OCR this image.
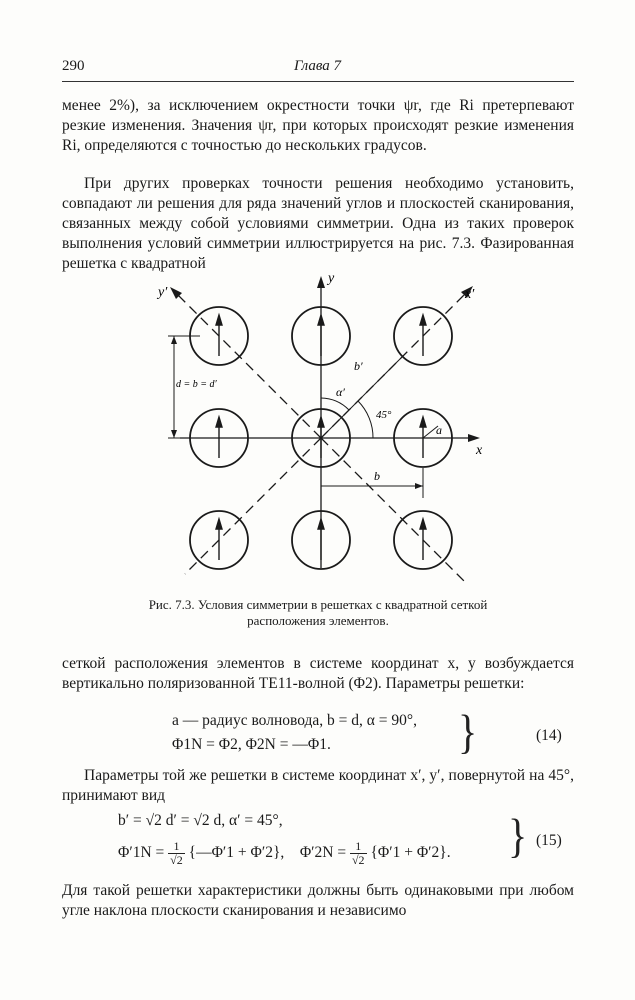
290	Глава 7

менее 2%), за исключением окрестности точки ψr, где Ri претерпевают резкие изменения. Значения ψr, при которых происходят резкие изменения Ri, определяются с точностью до нескольких градусов.

При других проверках точности решения необходимо установить, совпадают ли решения для ряда значений углов и плоскостей сканирования, связанных между собой условиями симметрии. Одна из таких проверок выполнения условий симметрии иллюстрируется на рис. 7.3. Фазированная решетка с квадратной

d = b = d′
b
b′
α′
45°
a
y
y′
x
x′
Рис. 7.3. Условия симметрии в решетках с квадратной сеткой
расположения элементов.

сеткой расположения элементов в системе координат x, y возбуждается вертикально поляризованной TE11-волной (Φ2). Параметры решетки:

a — радиус волновода, b = d, α = 90°,
Φ1N = Φ2, Φ2N = —Φ1.	}	(14)

Параметры той же решетки в системе координат x′, y′, повернутой на 45°, принимают вид

b′ = √2 d′ = √2 d, α′ = 45°,
$\Phi'1N = \frac{1}{√2}$ {—Φ′1 + Φ′2}, $\Phi'2N = \frac{1}{√2} \{\Phi'1 + \Phi'2\}$. } (15)

Для такой решетки характеристики должны быть одинаковыми при любом угле наклона плоскости сканирования и независимо
